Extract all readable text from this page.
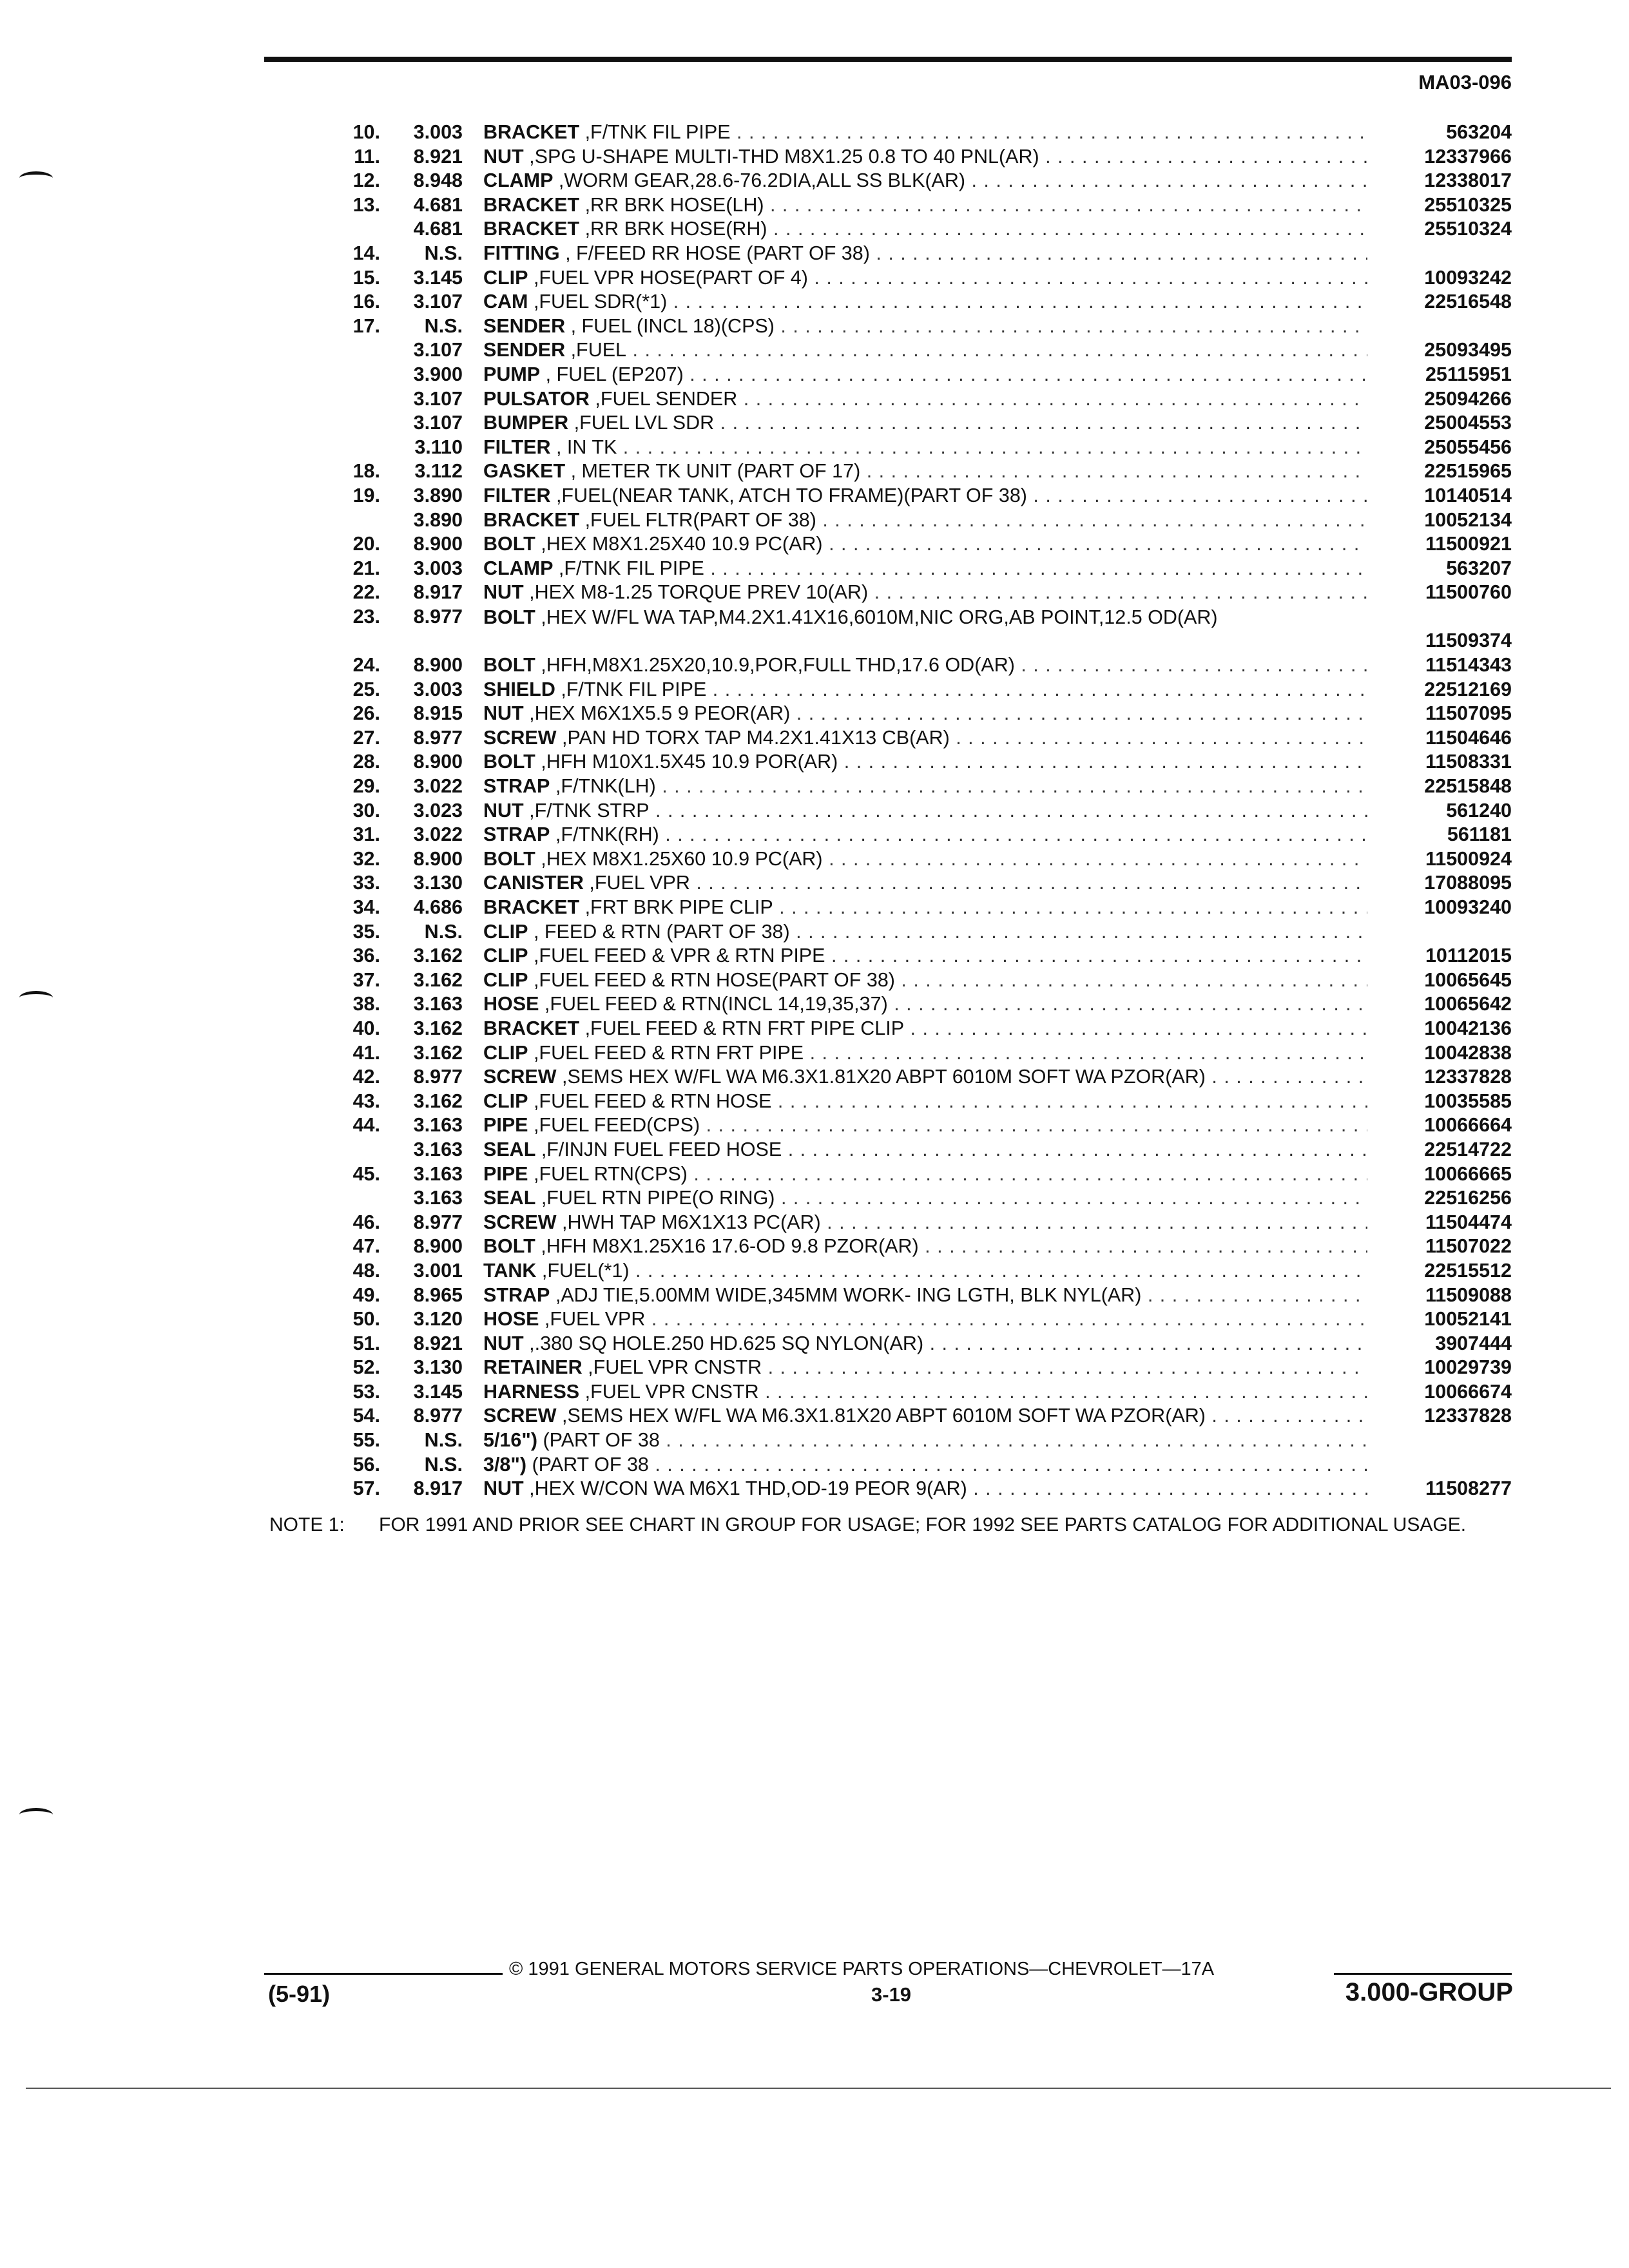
MA03-096
10. 3.003 BRACKET ,F/TNK FIL PIPE . . .	563204
11. 8.921 NUT ,SPG U-SHAPE MULTI-THD M8X1.25 0.8 TO 40 PNL(AR) . . .	12337966
12. 8.948 CLAMP ,WORM GEAR,28.6-76.2DIA,ALL SS BLK(AR) . . .	12338017
13. 4.681 BRACKET ,RR BRK HOSE(LH) . . .	25510325
4.681 BRACKET ,RR BRK HOSE(RH) . . .	25510324
14. N.S. FITTING , F/FEED RR HOSE (PART OF 38) . . .
15. 3.145 CLIP ,FUEL VPR HOSE(PART OF 4) . . .	10093242
16. 3.107 CAM ,FUEL SDR(*1) . . .	22516548
17. N.S. SENDER , FUEL (INCL 18)(CPS) . . .
3.107 SENDER ,FUEL . . .	25093495
3.900 PUMP , FUEL (EP207) . . .	25115951
3.107 PULSATOR ,FUEL SENDER . . .	25094266
3.107 BUMPER ,FUEL LVL SDR . . .	25004553
3.110 FILTER , IN TK . . .	25055456
18. 3.112 GASKET , METER TK UNIT (PART OF 17) . . .	22515965
19. 3.890 FILTER ,FUEL(NEAR TANK, ATCH TO FRAME)(PART OF 38) . . .	10140514
3.890 BRACKET ,FUEL FLTR(PART OF 38) . . .	10052134
20. 8.900 BOLT ,HEX M8X1.25X40 10.9 PC(AR) . . .	11500921
21. 3.003 CLAMP ,F/TNK FIL PIPE . . .	563207
22. 8.917 NUT ,HEX M8-1.25 TORQUE PREV 10(AR) . . .	11500760
23. 8.977 BOLT ,HEX W/FL WA TAP,M4.2X1.41X16,6010M,NIC ORG,AB POINT,12.5 OD(AR)
11509374
24. 8.900 BOLT ,HFH,M8X1.25X20,10.9,POR,FULL THD,17.6 OD(AR) . . .	11514343
25. 3.003 SHIELD ,F/TNK FIL PIPE . . .	22512169
26. 8.915 NUT ,HEX M6X1X5.5 9 PEOR(AR) . . .	11507095
27. 8.977 SCREW ,PAN HD TORX TAP M4.2X1.41X13 CB(AR) . . .	11504646
28. 8.900 BOLT ,HFH M10X1.5X45 10.9 POR(AR) . . .	11508331
29. 3.022 STRAP ,F/TNK(LH) . . .	22515848
30. 3.023 NUT ,F/TNK STRP . . .	561240
31. 3.022 STRAP ,F/TNK(RH) . . .	561181
32. 8.900 BOLT ,HEX M8X1.25X60 10.9 PC(AR) . . .	11500924
33. 3.130 CANISTER ,FUEL VPR . . .	17088095
34. 4.686 BRACKET ,FRT BRK PIPE CLIP . . .	10093240
35. N.S. CLIP , FEED & RTN (PART OF 38) . . .
36. 3.162 CLIP ,FUEL FEED & VPR & RTN PIPE . . .	10112015
37. 3.162 CLIP ,FUEL FEED & RTN HOSE(PART OF 38) . . .	10065645
38. 3.163 HOSE ,FUEL FEED & RTN(INCL 14,19,35,37) . . .	10065642
40. 3.162 BRACKET ,FUEL FEED & RTN FRT PIPE CLIP . . .	10042136
41. 3.162 CLIP ,FUEL FEED & RTN FRT PIPE . . .	10042838
42. 8.977 SCREW ,SEMS HEX W/FL WA M6.3X1.81X20 ABPT 6010M SOFT WA PZOR(AR) . . .	12337828
43. 3.162 CLIP ,FUEL FEED & RTN HOSE . . .	10035585
44. 3.163 PIPE ,FUEL FEED(CPS) . . .	10066664
3.163 SEAL ,F/INJN FUEL FEED HOSE . . .	22514722
45. 3.163 PIPE ,FUEL RTN(CPS) . . .	10066665
3.163 SEAL ,FUEL RTN PIPE(O RING) . . .	22516256
46. 8.977 SCREW ,HWH TAP M6X1X13 PC(AR) . . .	11504474
47. 8.900 BOLT ,HFH M8X1.25X16 17.6-OD 9.8 PZOR(AR) . . .	11507022
48. 3.001 TANK ,FUEL(*1) . . .	22515512
49. 8.965 STRAP ,ADJ TIE,5.00MM WIDE,345MM WORK- ING LGTH, BLK NYL(AR) . . .	11509088
50. 3.120 HOSE ,FUEL VPR . . .	10052141
51. 8.921 NUT ,.380 SQ HOLE.250 HD.625 SQ NYLON(AR) . . .	3907444
52. 3.130 RETAINER ,FUEL VPR CNSTR . . .	10029739
53. 3.145 HARNESS ,FUEL VPR CNSTR . . .	10066674
54. 8.977 SCREW ,SEMS HEX W/FL WA M6.3X1.81X20 ABPT 6010M SOFT WA PZOR(AR) . . .	12337828
55. N.S. 5/16") (PART OF 38 . . .
56. N.S. 3/8") (PART OF 38 . . .
57. 8.917 NUT ,HEX W/CON WA M6X1 THD,OD-19 PEOR 9(AR) . . .	11508277
NOTE 1: FOR 1991 AND PRIOR SEE CHART IN GROUP FOR USAGE; FOR 1992 SEE PARTS CATALOG FOR ADDITIONAL USAGE.
© 1991 GENERAL MOTORS SERVICE PARTS OPERATIONS—CHEVROLET—17A
(5-91)	3-19	3.000-GROUP
